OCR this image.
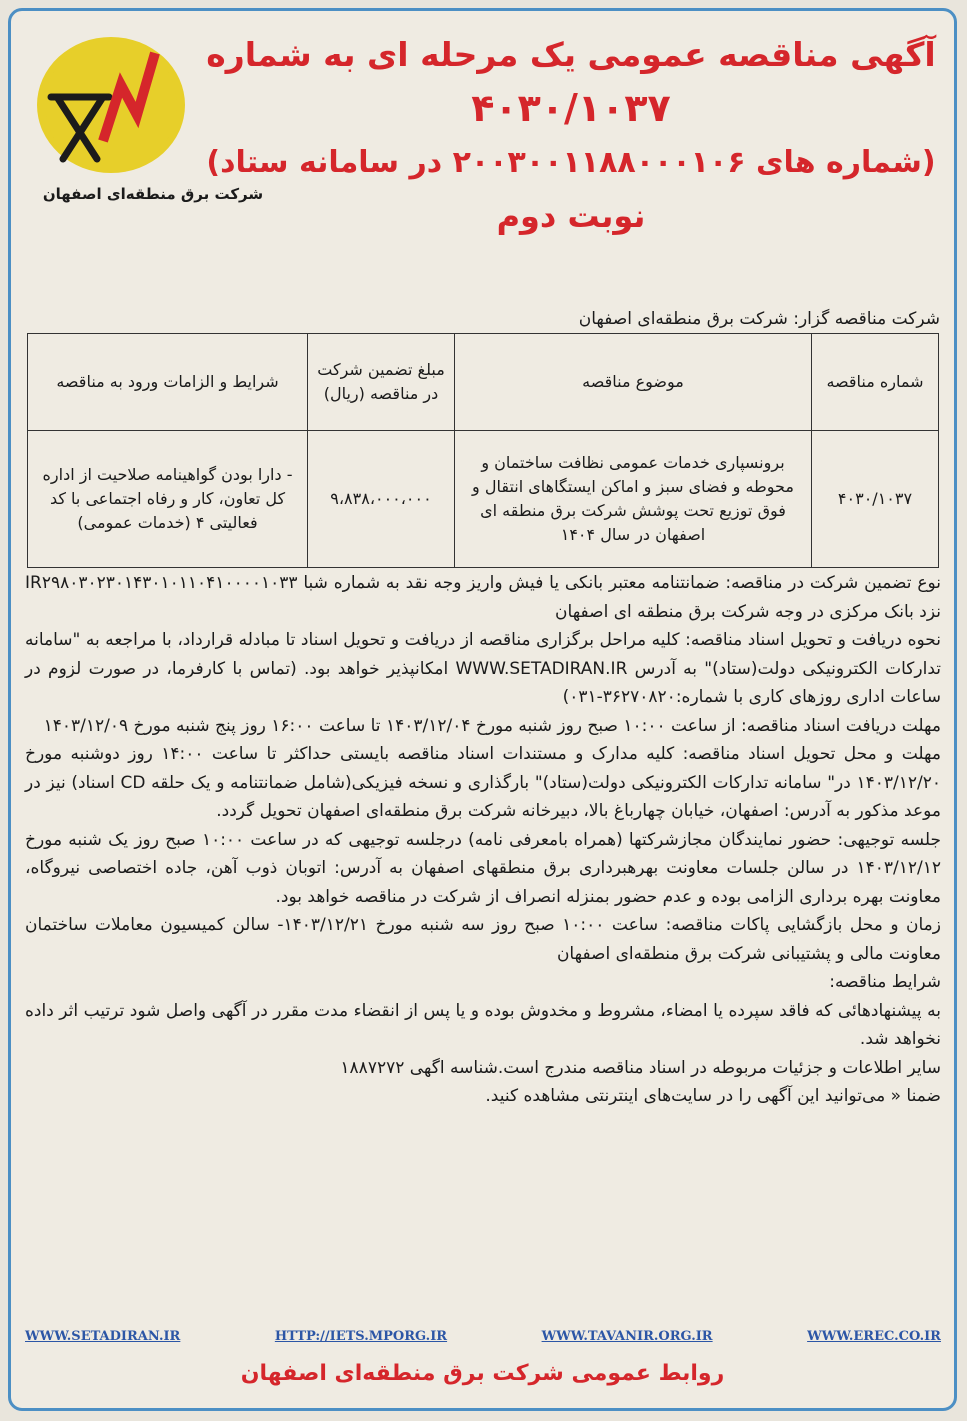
شرکت برق منطقه‌ای اصفهان

آگهی مناقصه عمومی یک مرحله ای به شماره

۴۰۳۰/۱۰۳۷

(شماره های ۲۰۰۳۰۰۱۱۸۸۰۰۰۱۰۶ در سامانه ستاد)

نوبت دوم

شرکت مناقصه گزار: شرکت برق منطقه‌ای اصفهان
شماره مناقصه	موضوع مناقصه	مبلغ تضمین شرکت در مناقصه (ریال)	شرایط و الزامات ورود به مناقصه
۴۰۳۰/۱۰۳۷	برونسپاری خدمات عمومی نظافت ساختمان و محوطه و فضای سبز و اماکن ایستگاهای انتقال و فوق توزیع تحت پوشش شرکت برق منطقه ای اصفهان در سال ۱۴۰۴	۹،۸۳۸،۰۰۰،۰۰۰	- دارا بودن گواهینامه صلاحیت از اداره کل تعاون، کار و رفاه اجتماعی با کد فعالیتی ۴ (خدمات عمومی)

نوع تضمین شرکت در مناقصه: ضمانتنامه معتبر بانکی یا فیش واریز وجه نقد به شماره شبا IR۲۹۸۰۳۰۲۳۰۱۴۳۰۱۰۱۱۰۴۱۰۰۰۰۱۰۳۳ نزد بانک مرکزی در وجه شرکت برق منطقه ای اصفهان

نحوه دریافت و تحویل اسناد مناقصه: کلیه مراحل برگزاری مناقصه از دریافت و تحویل اسناد تا مبادله قرارداد، با مراجعه به "سامانه تدارکات الکترونیکی دولت(ستاد)" به آدرس WWW.SETADIRAN.IR امکانپذیر خواهد بود. (تماس با کارفرما، در صورت لزوم در ساعات اداری روزهای کاری با شماره:۳۶۲۷۰۸۲۰-۰۳۱)

مهلت دریافت اسناد مناقصه: از ساعت ۱۰:۰۰ صبح روز شنبه مورخ ۱۴۰۳/۱۲/۰۴ تا ساعت ۱۶:۰۰ روز پنج شنبه مورخ ۱۴۰۳/۱۲/۰۹

مهلت و محل تحویل اسناد مناقصه: کلیه مدارک و مستندات اسناد مناقصه بایستی حداکثر تا ساعت ۱۴:۰۰ روز دوشنبه مورخ ۱۴۰۳/۱۲/۲۰ در" سامانه تدارکات الکترونیکی دولت(ستاد)" بارگذاری و نسخه فیزیکی(شامل ضمانتنامه و یک حلقه CD اسناد) نیز در موعد مذکور به آدرس: اصفهان، خیابان چهارباغ بالا، دبیرخانه شرکت برق منطقه‌ای اصفهان تحویل گردد.

جلسه توجیهی: حضور نمایندگان مجازشرکتها (همراه بامعرفی نامه) درجلسه توجیهی که در ساعت ۱۰:۰۰ صبح روز یک شنبه مورخ ۱۴۰۳/۱۲/۱۲ در سالن جلسات معاونت بهرهبرداری برق منطقهای اصفهان به آدرس: اتوبان ذوب آهن، جاده اختصاصی نیروگاه، معاونت بهره برداری الزامی بوده و عدم حضور بمنزله انصراف از شرکت در مناقصه خواهد بود.

زمان و محل بازگشایی پاکات مناقصه: ساعت ۱۰:۰۰ صبح روز سه شنبه مورخ ۱۴۰۳/۱۲/۲۱- سالن کمیسیون معاملات ساختمان معاونت مالی و پشتیبانی شرکت برق منطقه‌ای اصفهان

شرایط مناقصه:

به پیشنهادهائی که فاقد سپرده یا امضاء، مشروط و مخدوش بوده و یا پس از انقضاء مدت مقرر در آگهی واصل شود ترتیب اثر داده نخواهد شد.

سایر اطلاعات و جزئیات مربوطه در اسناد مناقصه مندرج است.شناسه اگهی ۱۸۸۷۲۷۲

ضمنا « می‌توانید این آگهی را در سایت‌های اینترنتی مشاهده کنید.

WWW.EREC.CO.IR
WWW.TAVANIR.ORG.IR
HTTP://IETS.MPORG.IR
WWW.SETADIRAN.IR
روابط عمومی شرکت برق منطقه‌ای اصفهان
